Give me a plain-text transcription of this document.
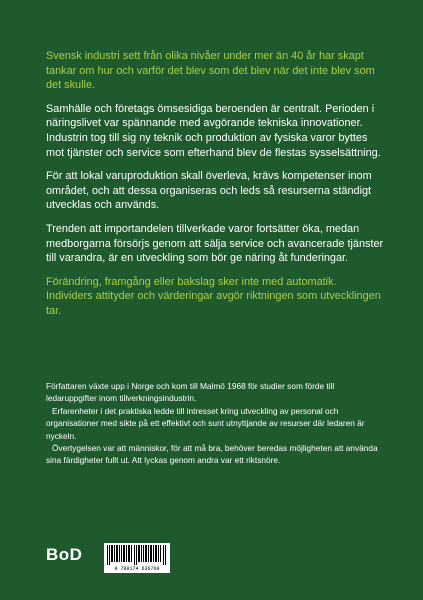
Svensk industri sett från olika nivåer under mer än 40 år har skapt tankar om hur och varför det blev som det blev när det inte blev som det skulle.

Samhälle och företags ömsesidiga beroenden är centralt. Perioden i näringslivet var spännande med avgörande tekniska innovationer. Industrin tog till sig ny teknik och produktion av fysiska varor byttes mot tjänster och service som efterhand blev de flestas sysselsättning.

För att lokal varuproduktion skall överleva, krävs kompetenser inom området, och att dessa organiseras och leds så resurserna ständigt utvecklas och används.

Trenden att importandelen tillverkade varor fortsätter öka, medan medborgarna försörjs genom att sälja service och avancerade tjänster till varandra, är en utveckling som bör ge näring åt funderingar.

Förändring, framgång eller bakslag sker inte med automatik. Individers attityder och värderingar avgör riktningen som utvecklingen tar.

Författaren växte upp i Norge och kom till Malmö 1968 för studier som förde till ledaruppgifter inom tillverkningsindustrin.

Erfarenheter i det praktiska ledde till intresset kring utveckling av personal och organisationer med sikte på ett effektivt och sunt utnyttjande av resurser där ledaren är nyckeln.

Övertygelsen var att människor, för att må bra, behöver beredas möjligheten att använda sina färdigheter fullt ut. Att lyckas genom andra var ett riktsnöre.

BoD
9 789174 636769
